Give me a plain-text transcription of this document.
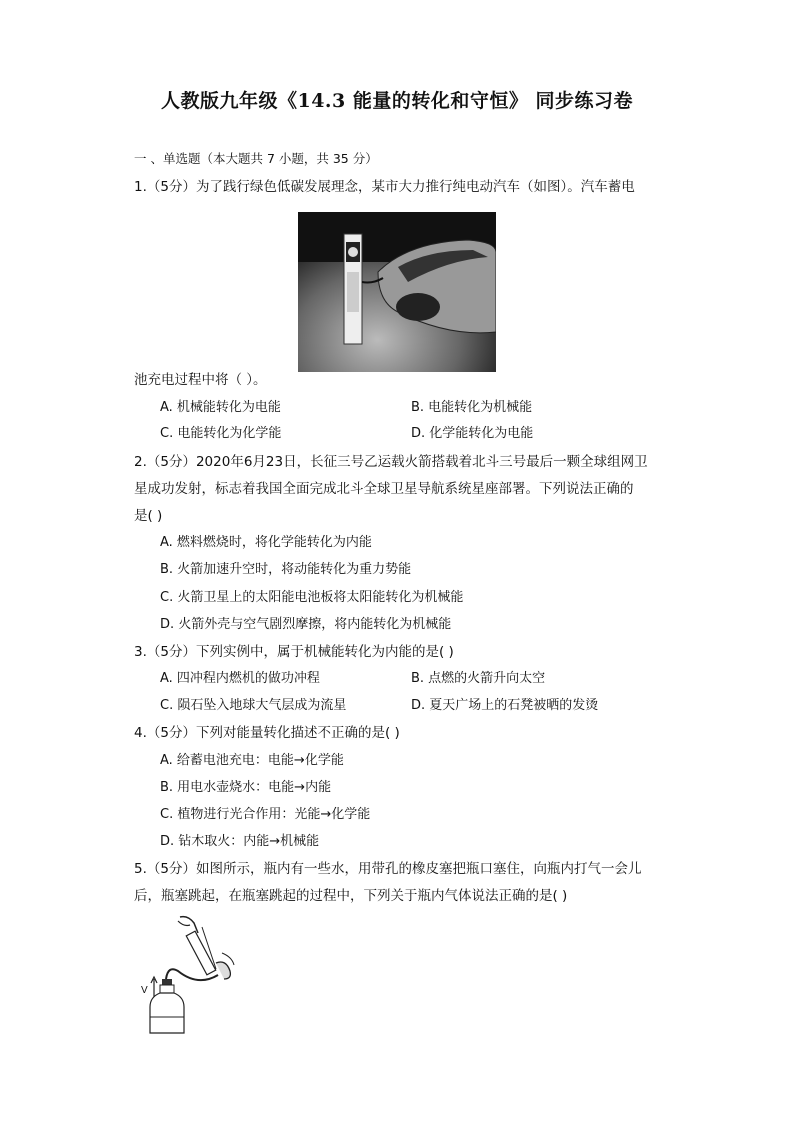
人教版九年级《14.3 能量的转化和守恒》 同步练习卷
一 、单选题（本大题共 7 小题，共 35 分）
1.（5分）为了践行绿色低碳发展理念，某市大力推行纯电动汽车（如图）。汽车蓄电
池充电过程中将（ ）。
A. 机械能转化为电能	B. 电能转化为机械能
C. 电能转化为化学能	D. 化学能转化为电能
2.（5分）2020年6月23日，长征三号乙运载火箭搭载着北斗三号最后一颗全球组网卫
星成功发射，标志着我国全面完成北斗全球卫星导航系统星座部署。下列说法正确的
是( )
A. 燃料燃烧时，将化学能转化为内能
B. 火箭加速升空时，将动能转化为重力势能
C. 火箭卫星上的太阳能电池板将太阳能转化为机械能
D. 火箭外壳与空气剧烈摩擦，将内能转化为机械能
3.（5分）下列实例中，属于机械能转化为内能的是( )
A. 四冲程内燃机的做功冲程	B. 点燃的火箭升向太空
C. 陨石坠入地球大气层成为流星	D. 夏天广场上的石凳被晒的发烫
4.（5分）下列对能量转化描述不正确的是( )
A. 给蓄电池充电：电能→化学能
B. 用电水壶烧水：电能→内能
C. 植物进行光合作用：光能→化学能
D. 钻木取火：内能→机械能
5.（5分）如图所示，瓶内有一些水，用带孔的橡皮塞把瓶口塞住，向瓶内打气一会儿
后，瓶塞跳起，在瓶塞跳起的过程中，下列关于瓶内气体说法正确的是( )
V
